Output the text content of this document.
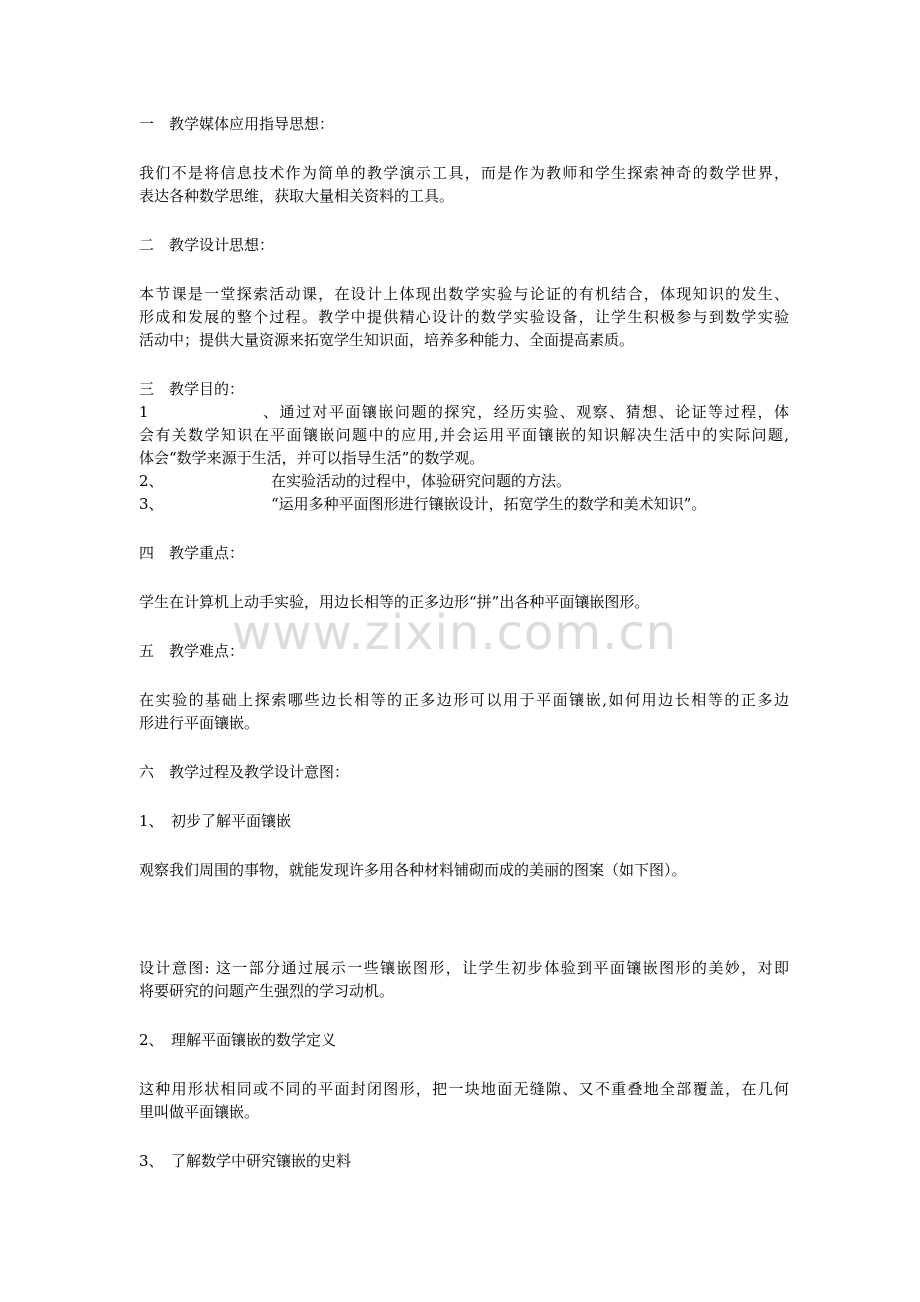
www.zixin.com.cn
一　教学媒体应用指导思想：
我们不是将信息技术作为简单的教学演示工具，而是作为教师和学生探索神奇的数学世界，
表达各种数学思维，获取大量相关资料的工具。
二　教学设计思想：
本节课是一堂探索活动课，在设计上体现出数学实验与论证的有机结合，体现知识的发生、
形成和发展的整个过程。教学中提供精心设计的数学实验设备，让学生积极参与到数学实验
活动中；提供大量资源来拓宽学生知识面，培养多种能力、全面提高素质。
三　教学目的：
1、通过对平面镶嵌问题的探究，经历实验、观察、猜想、论证等过程，体
会有关数学知识在平面镶嵌问题中的应用,并会运用平面镶嵌的知识解决生活中的实际问题,
体会“数学来源于生活，并可以指导生活”的数学观。
2、	在实验活动的过程中，体验研究问题的方法。
3、	“运用多种平面图形进行镶嵌设计，拓宽学生的数学和美术知识”。
四　教学重点：
学生在计算机上动手实验，用边长相等的正多边形“拼”出各种平面镶嵌图形。
五　教学难点：
在实验的基础上探索哪些边长相等的正多边形可以用于平面镶嵌,如何用边长相等的正多边
形进行平面镶嵌。
六　教学过程及教学设计意图：
1、　初步了解平面镶嵌
观察我们周围的事物，就能发现许多用各种材料铺砌而成的美丽的图案（如下图）。
设计意图: 这一部分通过展示一些镶嵌图形，让学生初步体验到平面镶嵌图形的美妙，对即
将要研究的问题产生强烈的学习动机。
2、　理解平面镶嵌的数学定义
这种用形状相同或不同的平面封闭图形，把一块地面无缝隙、又不重叠地全部覆盖，在几何
里叫做平面镶嵌。
3、　了解数学中研究镶嵌的史料
